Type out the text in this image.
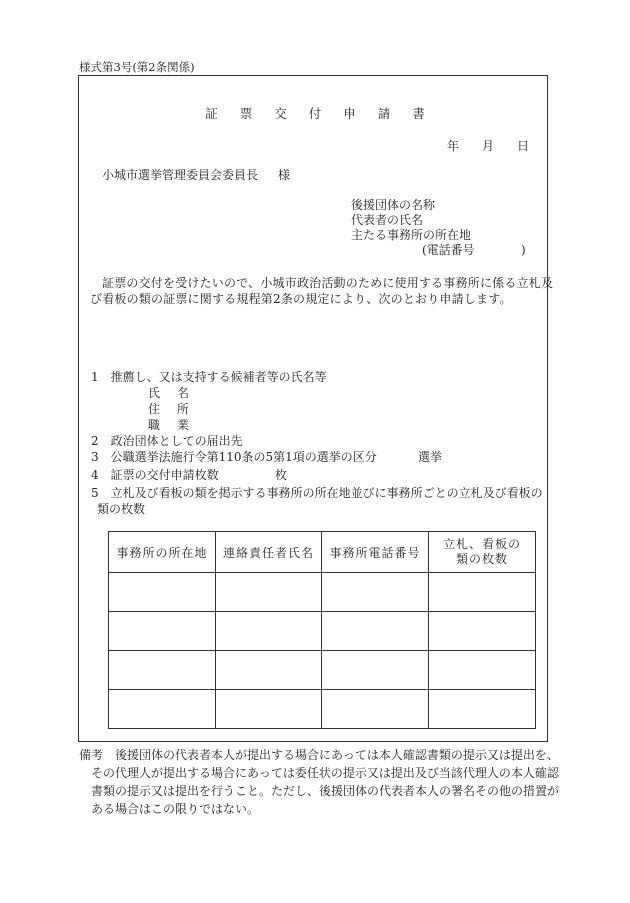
様式第3号(第2条関係)
証票交付申請書
年 月 日
小城市選挙管理委員会委員長 様
後援団体の名称
代表者の氏名
主たる事務所の所在地
(電話番号	)
証票の交付を受けたいので、小城市政治活動のために使用する事務所に係る立札及
び看板の類の証票に関する規程第2条の規定により、次のとおり申請します。
1　推薦し、又は支持する候補者等の氏名等
氏 名
住 所
職 業
2　政治団体としての届出先
3　公職選挙法施行令第110条の5第1項の選挙の区分	選挙
4　証票の交付申請枚数	枚
5　立札及び看板の類を掲示する事務所の所在地並びに事務所ごとの立札及び看板の
類の枚数
事務所の所在地	連絡責任者氏名	事務所電話番号	立札、看板の
類の枚数

備考　後援団体の代表者本人が提出する場合にあっては本人確認書類の提示又は提出を、
その代理人が提出する場合にあっては委任状の提示又は提出及び当該代理人の本人確認
書類の提示又は提出を行うこと。ただし、後援団体の代表者本人の署名その他の措置が
ある場合はこの限りではない。
